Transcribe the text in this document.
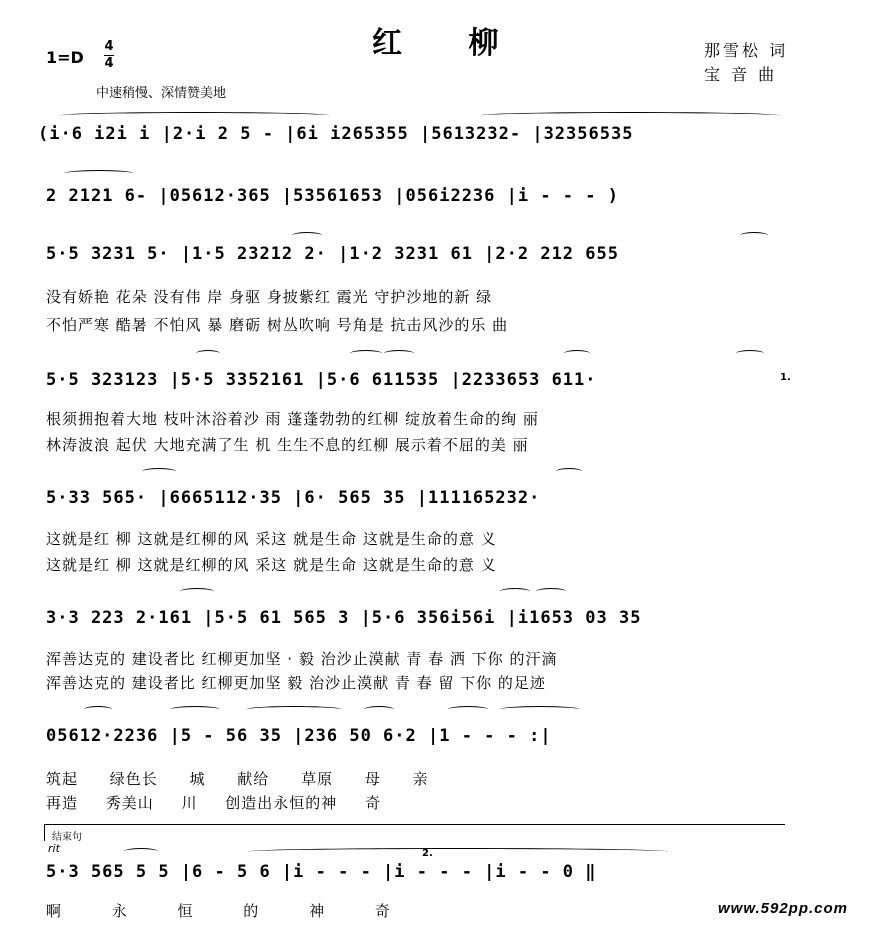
红 柳
1=D
4
4
那雪松 词
宝 音 曲
中速稍慢、深情赞美地
(i·6 i2i i |2·i 2 5 - |6i i265355 |5613232- |32356535
2 2121 6- |05612·365 |53561653 |056i2236 |i - - - )
5·5 3231 5· |1·5 23212 2· |1·2 3231 61 |2·2 212 655
没有娇艳 花朵 没有伟 岸 身驱 身披紫红 霞光 守护沙地的新 绿
不怕严寒 酷暑 不怕风 暴 磨砺 树丛吹响 号角是 抗击风沙的乐 曲
5·5 323123 |5·5 3352161 |5·6 611535 |2233653 611·
根须拥抱着大地 枝叶沐浴着沙 雨 蓬蓬勃勃的红柳 绽放着生命的绚 丽
林涛波浪 起伏 大地充满了生 机 生生不息的红柳 展示着不屈的美 丽
5·33 565· |6665112·35 |6· 565 35 |111165232·
这就是红 柳 这就是红柳的风 采这 就是生命 这就是生命的意 义
这就是红 柳 这就是红柳的风 采这 就是生命 这就是生命的意 义
3·3 223 2·161 |5·5 61 565 3 |5·6 356i56i |i1653 03 35
浑善达克的 建设者比 红柳更加坚 · 毅 治沙止漠献 青 春 洒 下你 的汗滴
浑善达克的 建设者比 红柳更加坚 毅 治沙止漠献 青 春 留 下你 的足迹
05612·2236 |5 - 56 35 |236 50 6·2 |1 - - - :|
筑起 绿色长 城 献给 草原 母 亲
再造 秀美山 川 创造出永恒的神 奇
结束句
rit	2.
1.
5·3 565 5 5 |6 - 5 6 |i - - - |i - - - |i - - 0 ‖
啊 永 恒 的 神 奇	www.592pp.com
